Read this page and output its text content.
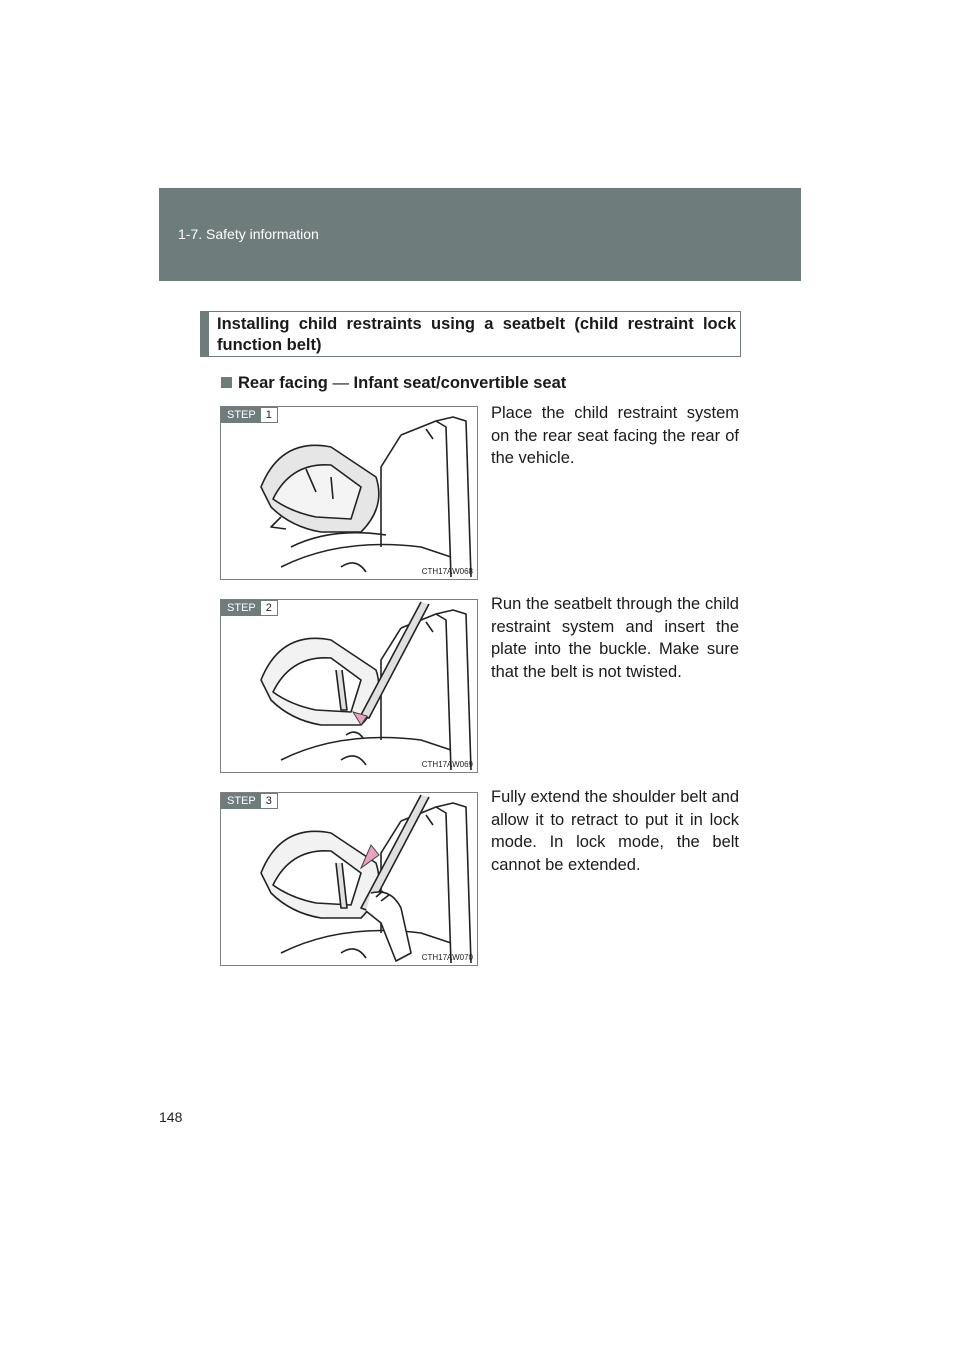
1-7. Safety information
Installing child restraints using a seatbelt (child restraint lock function belt)
Rear facing — Infant seat/convertible seat
STEP 1
CTH17AW068
Place the child restraint system on the rear seat facing the rear of the vehicle.
STEP 2
CTH17AW069
Run the seatbelt through the child restraint system and insert the plate into the buckle. Make sure that the belt is not twisted.
STEP 3
CTH17AW070
Fully extend the shoulder belt and allow it to retract to put it in lock mode. In lock mode, the belt cannot be extended.
148
